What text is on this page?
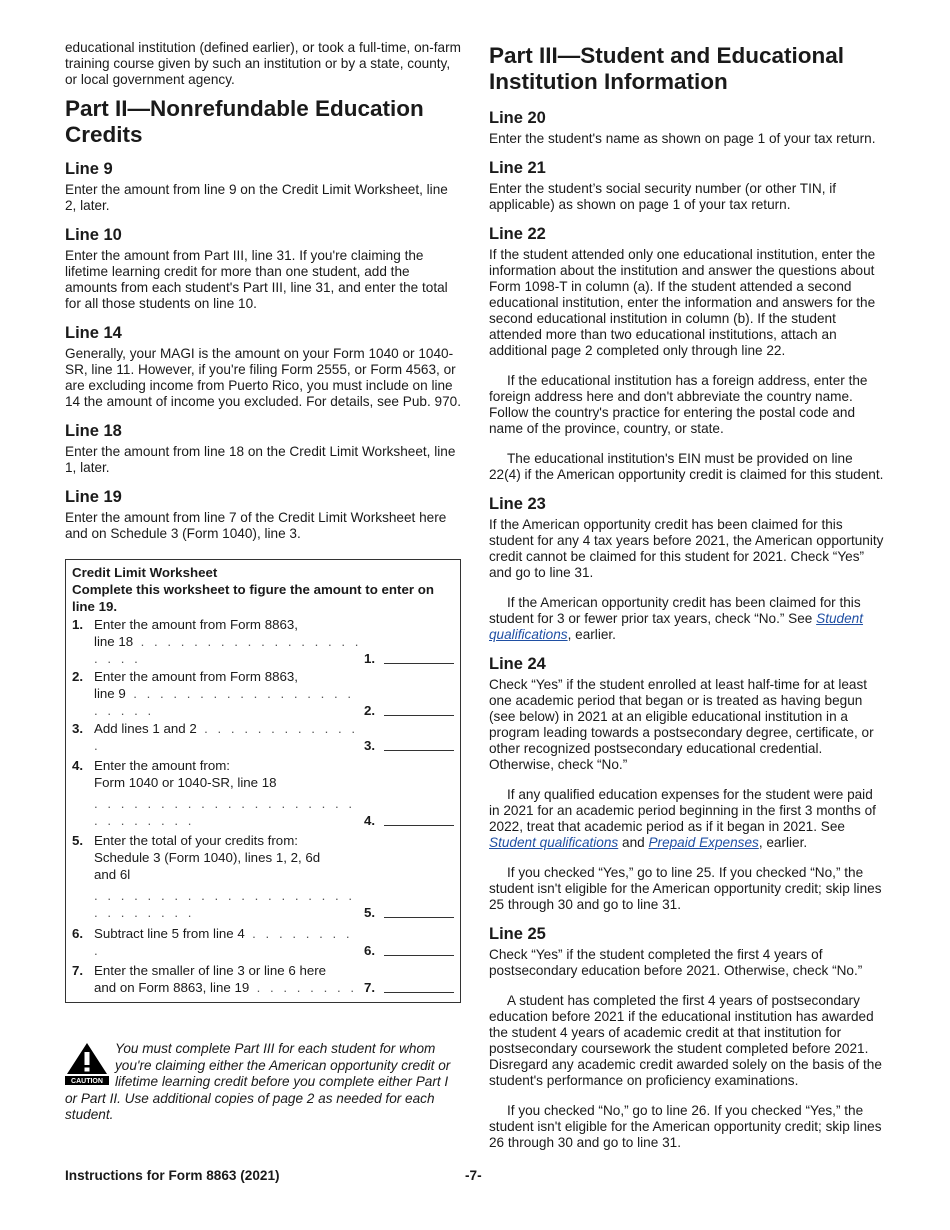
educational institution (defined earlier), or took a full-time, on-farm training course given by such an institution or by a state, county, or local government agency.

Part II—Nonrefundable Education Credits
Line 9

Enter the amount from line 9 on the Credit Limit Worksheet, line 2, later.

Line 10

Enter the amount from Part III, line 31. If you're claiming the lifetime learning credit for more than one student, add the amounts from each student's Part III, line 31, and enter the total for all those students on line 10.

Line 14

Generally, your MAGI is the amount on your Form 1040 or 1040-SR, line 11. However, if you're filing Form 2555, or Form 4563, or are excluding income from Puerto Rico, you must include on line 14 the amount of income you excluded. For details, see Pub. 970.

Line 18

Enter the amount from line 18 on the Credit Limit Worksheet, line 1, later.

Line 19

Enter the amount from line 7 of the Credit Limit Worksheet here and on Schedule 3 (Form 1040), line 3.

Credit Limit Worksheet
Complete this worksheet to figure the amount to enter on line 19.
1. Enter the amount from Form 8863,
line 18 . . . . . . . . . . . . . . . . . . . . .	1.
2. Enter the amount from Form 8863,
line 9 . . . . . . . . . . . . . . . . . . . . . .	2.
3. Add lines 1 and 2 . . . . . . . . . . . . .	3.
4. Enter the amount from:
Form 1040 or 1040-SR, line 18
. . . . . . . . . . . . . . . . . . . . . . . . . . . .	4.
5. Enter the total of your credits from:
Schedule 3 (Form 1040), lines 1, 2, 6d
and 6l
. . . . . . . . . . . . . . . . . . . . . . . . . . . .	5.
6. Subtract line 5 from line 4 . . . . . . . . .	6.
7. Enter the smaller of line 3 or line 6 here
and on Form 8863, line 19 . . . . . . . . 7.
CAUTION

You must complete Part III for each student for whom you're claiming either the American opportunity credit or lifetime learning credit before you complete either Part I or Part II. Use additional copies of page 2 as needed for each student.

Part III—Student and Educational Institution Information
Line 20

Enter the student's name as shown on page 1 of your tax return.

Line 21

Enter the student’s social security number (or other TIN, if applicable) as shown on page 1 of your tax return.

Line 22

If the student attended only one educational institution, enter the information about the institution and answer the questions about Form 1098-T in column (a). If the student attended a second educational institution, enter the information and answers for the second educational institution in column (b). If the student attended more than two educational institutions, attach an additional page 2 completed only through line 22.

If the educational institution has a foreign address, enter the foreign address here and don't abbreviate the country name. Follow the country's practice for entering the postal code and name of the province, country, or state.

The educational institution's EIN must be provided on line 22(4) if the American opportunity credit is claimed for this student.

Line 23

If the American opportunity credit has been claimed for this student for any 4 tax years before 2021, the American opportunity credit cannot be claimed for this student for 2021. Check “Yes” and go to line 31.

If the American opportunity credit has been claimed for this student for 3 or fewer prior tax years, check “No.” See Student qualifications, earlier.

Line 24

Check “Yes” if the student enrolled at least half-time for at least one academic period that began or is treated as having begun (see below) in 2021 at an eligible educational institution in a program leading towards a postsecondary degree, certificate, or other recognized postsecondary educational credential. Otherwise, check “No.”

If any qualified education expenses for the student were paid in 2021 for an academic period beginning in the first 3 months of 2022, treat that academic period as if it began in 2021. See Student qualifications and Prepaid Expenses, earlier.

If you checked “Yes,” go to line 25. If you checked “No,” the student isn't eligible for the American opportunity credit; skip lines 25 through 30 and go to line 31.

Line 25

Check “Yes” if the student completed the first 4 years of postsecondary education before 2021. Otherwise, check “No.”

A student has completed the first 4 years of postsecondary education before 2021 if the educational institution has awarded the student 4 years of academic credit at that institution for postsecondary coursework the student completed before 2021. Disregard any academic credit awarded solely on the basis of the student's performance on proficiency examinations.

If you checked “No,” go to line 26. If you checked “Yes,” the student isn't eligible for the American opportunity credit; skip lines 26 through 30 and go to line 31.

Instructions for Form 8863 (2021)	-7-
